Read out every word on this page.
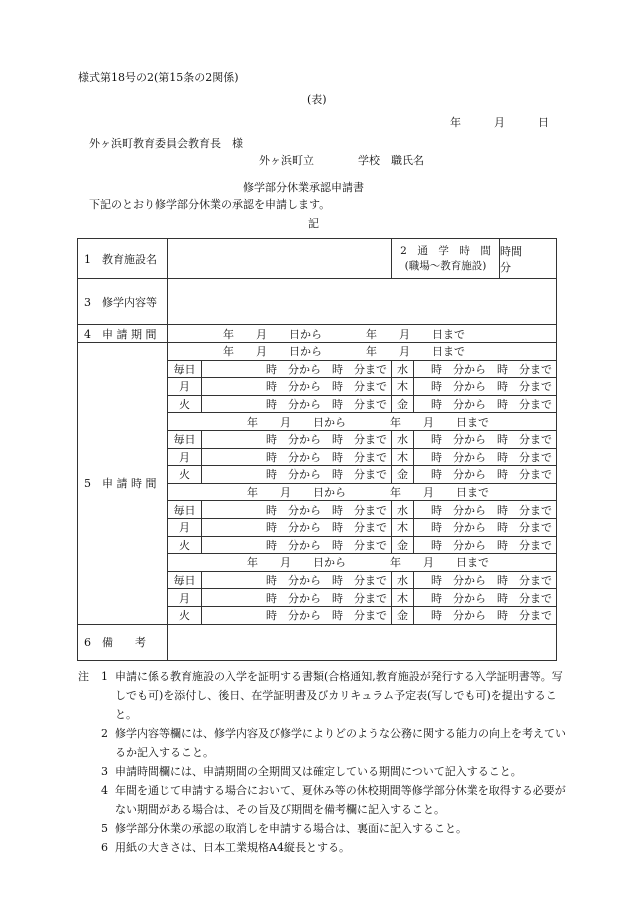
様式第18号の2(第15条の2関係)
(表)
年	月	日
外ヶ浜町教育委員会教育長　様
外ヶ浜町立　　　　学校　職氏名
修学部分休業承認申請書
下記のとおり修学部分休業の承認を申請します。
記
1　教育施設名			2　通　学　時　間
(職場～教育施設)
時間　　　分	

3　修学内容等				
4　申 請 期 間	年　　月　　日から　　　　年　　月　　日まで			
5　申 請 時 間	年　　月　　日から　　　　年　　月　　日まで			
	毎日	時　分から　時　分まで	水	時　分から　時　分まで
	月	時　分から　時　分まで	木	時　分から　時　分まで
	火	時　分から　時　分まで	金	時　分から　時　分まで
	年　　月　　日から　　　　年　　月　　日まで			
	毎日	時　分から　時　分まで	水	時　分から　時　分まで
	月	時　分から　時　分まで	木	時　分から　時　分まで
	火	時　分から　時　分まで	金	時　分から　時　分まで
	年　　月　　日から　　　　年　　月　　日まで			
	毎日	時　分から　時　分まで	水	時　分から　時　分まで
	月	時　分から　時　分まで	木	時　分から　時　分まで
	火	時　分から　時　分まで	金	時　分から　時　分まで
	年　　月　　日から　　　　年　　月　　日まで			
	毎日	時　分から　時　分まで	水	時　分から　時　分まで
	月	時　分から　時　分まで	木	時　分から　時　分まで
	火	時　分から　時　分まで	金	時　分から　時　分まで
6　備　　考				
注 1 申請に係る教育施設の入学を証明する書類(合格通知,教育施設が発行する入学証明書等。写しでも可)を添付し、後日、在学証明書及びカリキュラム予定表(写しでも可)を提出すること。
2 修学内容等欄には、修学内容及び修学によりどのような公務に関する能力の向上を考えているか記入すること。
3 申請時間欄には、申請期間の全期間又は確定している期間について記入すること。
4 年間を通じて申請する場合において、夏休み等の休校期間等修学部分休業を取得する必要がない期間がある場合は、その旨及び期間を備考欄に記入すること。
5 修学部分休業の承認の取消しを申請する場合は、裏面に記入すること。
6 用紙の大きさは、日本工業規格A4縦長とする。
